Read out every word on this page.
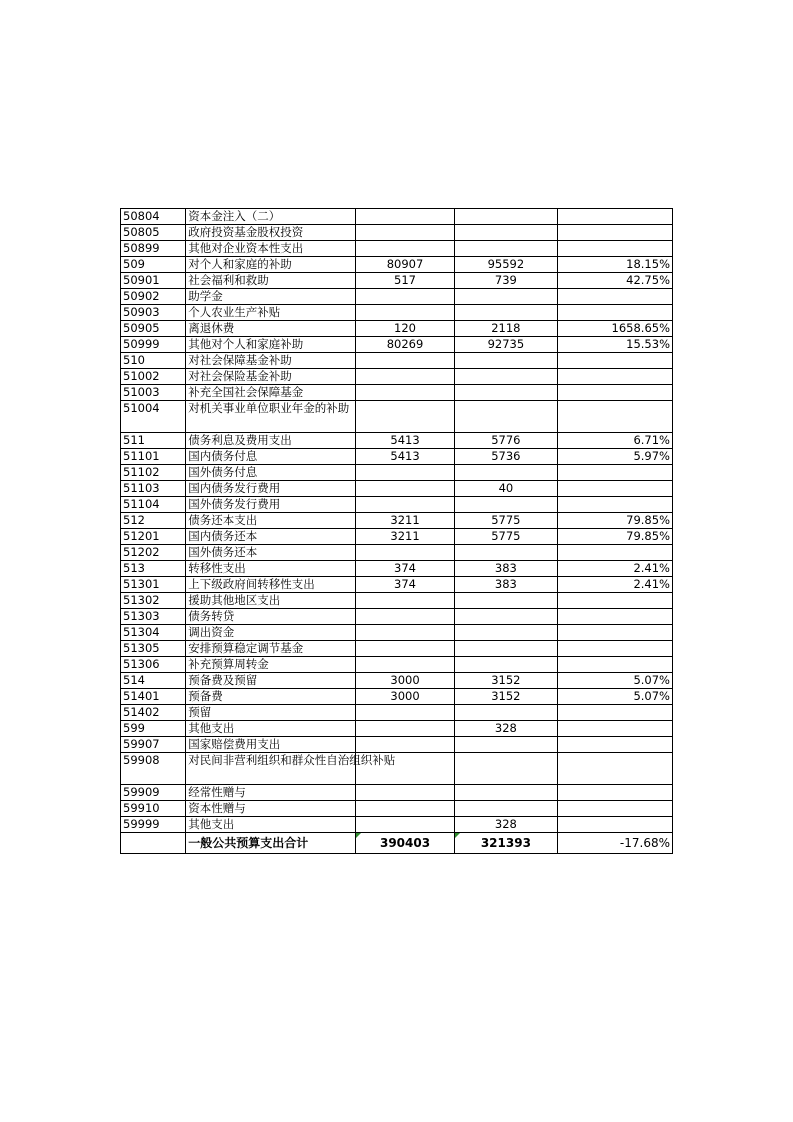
50804	资本金注入（二）			
50805	政府投资基金股权投资			
50899	其他对企业资本性支出			
509	对个人和家庭的补助	80907	95592	18.15%
50901	社会福利和救助	517	739	42.75%
50902	助学金			
50903	个人农业生产补贴			
50905	离退休费	120	2118	1658.65%
50999	其他对个人和家庭补助	80269	92735	15.53%
510	对社会保障基金补助			
51002	对社会保险基金补助			
51003	补充全国社会保障基金			
51004	对机关事业单位职业年金的补助			
511	债务利息及费用支出	5413	5776	6.71%
51101	国内债务付息	5413	5736	5.97%
51102	国外债务付息			
51103	国内债务发行费用		40	
51104	国外债务发行费用			
512	债务还本支出	3211	5775	79.85%
51201	国内债务还本	3211	5775	79.85%
51202	国外债务还本			
513	转移性支出	374	383	2.41%
51301	上下级政府间转移性支出	374	383	2.41%
51302	援助其他地区支出			
51303	债务转贷			
51304	调出资金			
51305	安排预算稳定调节基金			
51306	补充预算周转金			
514	预备费及预留	3000	3152	5.07%
51401	预备费	3000	3152	5.07%
51402	预留			
599	其他支出		328	
59907	国家赔偿费用支出			
59908	对民间非营利组织和群众性自治组织补贴			
59909	经常性赠与			
59910	资本性赠与			
59999	其他支出		328	
	一般公共预算支出合计	390403	321393	-17.68%
